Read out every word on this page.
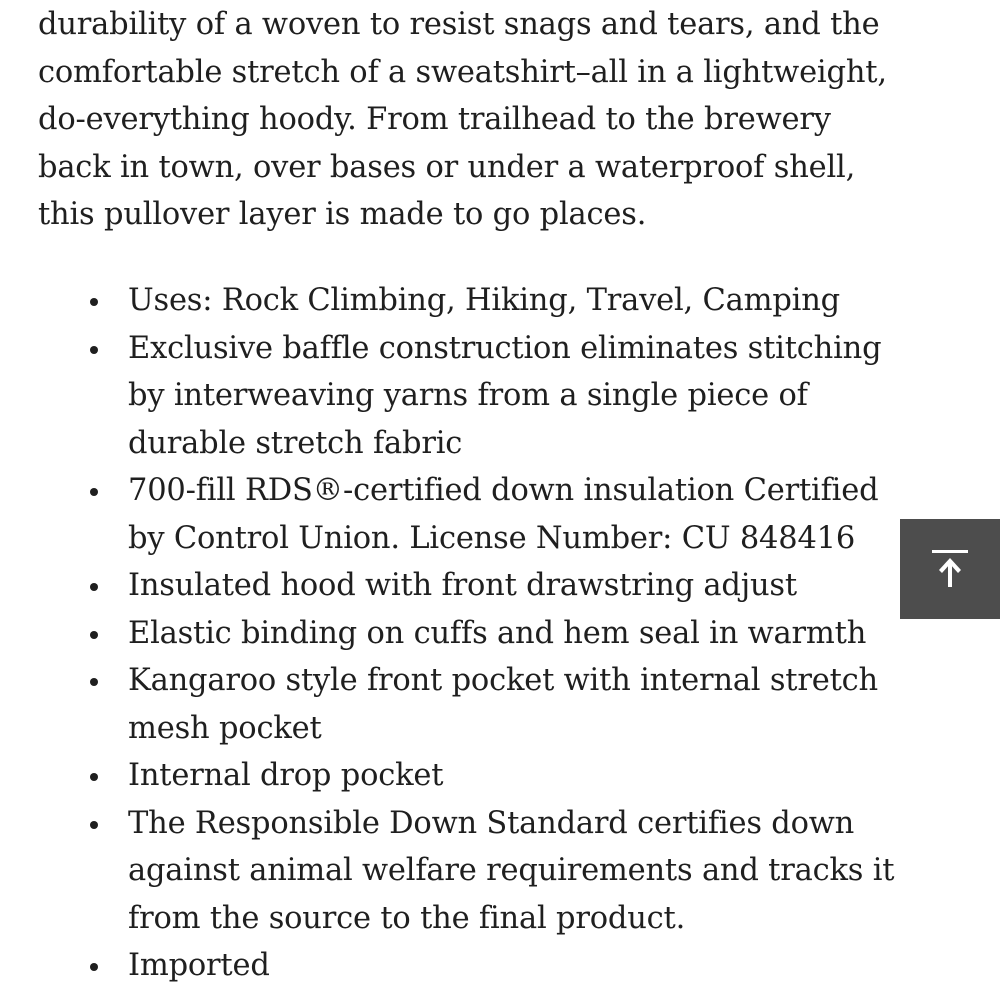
durability of a woven to resist snags and tears, and the
comfortable stretch of a sweatshirt–all in a lightweight,
do-everything hoody. From trailhead to the brewery
back in town, over bases or under a waterproof shell,
this pullover layer is made to go places.

Uses: Rock Climbing, Hiking, Travel, Camping
Exclusive baffle construction eliminates stitching
by interweaving yarns from a single piece of
durable stretch fabric
700-fill RDS®-certified down insulation Certified
by Control Union. License Number: CU 848416
Insulated hood with front drawstring adjust
Elastic binding on cuffs and hem seal in warmth
Kangaroo style front pocket with internal stretch
mesh pocket
Internal drop pocket
The Responsible Down Standard certifies down
against animal welfare requirements and tracks it
from the source to the final product.
Imported
